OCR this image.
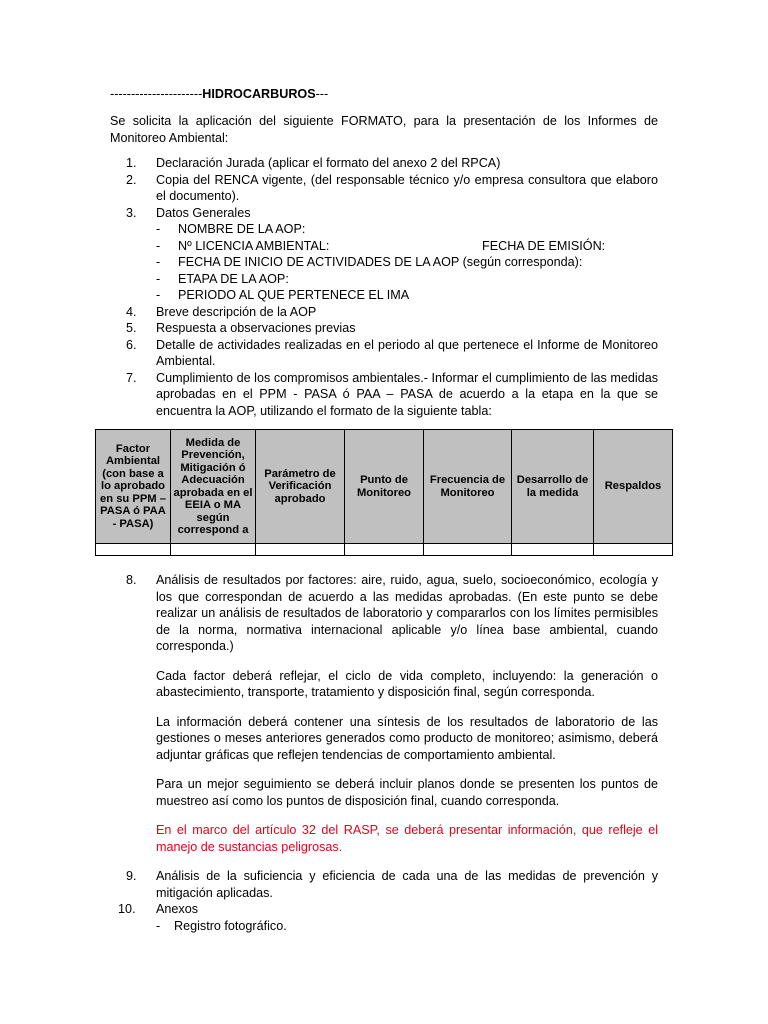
----------------------HIDROCARBUROS---
Se solicita la aplicación del siguiente FORMATO, para la presentación de los Informes de Monitoreo Ambiental:
1. Declaración Jurada (aplicar el formato del anexo 2 del RPCA)
2. Copia del RENCA vigente, (del responsable técnico y/o empresa consultora que elaboro el documento).
3. Datos Generales
- NOMBRE DE LA AOP:
- Nº LICENCIA AMBIENTAL:	FECHA DE EMISIÓN:
- FECHA DE INICIO DE ACTIVIDADES DE LA AOP (según corresponda):
- ETAPA DE LA AOP:
- PERIODO AL QUE PERTENECE EL IMA
4. Breve descripción de la AOP
5. Respuesta a observaciones previas
6. Detalle de actividades realizadas en el periodo al que pertenece el Informe de Monitoreo Ambiental.
7. Cumplimiento de los compromisos ambientales.- Informar el cumplimiento de las medidas aprobadas en el PPM - PASA ó PAA – PASA de acuerdo a la etapa en la que se encuentra la AOP, utilizando el formato de la siguiente tabla:
Factor Ambiental (con base a lo aprobado en su PPM – PASA ó PAA - PASA)	Medida de Prevención, Mitigación ó Adecuación aprobada en el EEIA o MA según correspond a	Parámetro de Verificación aprobado	Punto de Monitoreo	Frecuencia de Monitoreo	Desarrollo de la medida	Respaldos

8. Análisis de resultados por factores: aire, ruido, agua, suelo, socioeconómico, ecología y los que correspondan de acuerdo a las medidas aprobadas. (En este punto se debe realizar un análisis de resultados de laboratorio y compararlos con los límites permisibles de la norma, normativa internacional aplicable y/o línea base ambiental, cuando corresponda.)
Cada factor deberá reflejar, el ciclo de vida completo, incluyendo: la generación o abastecimiento, transporte, tratamiento y disposición final, según corresponda.
La información deberá contener una síntesis de los resultados de laboratorio de las gestiones o meses anteriores generados como producto de monitoreo; asimismo, deberá adjuntar gráficas que reflejen tendencias de comportamiento ambiental.
Para un mejor seguimiento se deberá incluir planos donde se presenten los puntos de muestreo así como los puntos de disposición final, cuando corresponda.
En el marco del artículo 32 del RASP, se deberá presentar información, que refleje el manejo de sustancias peligrosas.
9. Análisis de la suficiencia y eficiencia de cada una de las medidas de prevención y mitigación aplicadas.
10. Anexos
- Registro fotográfico.
